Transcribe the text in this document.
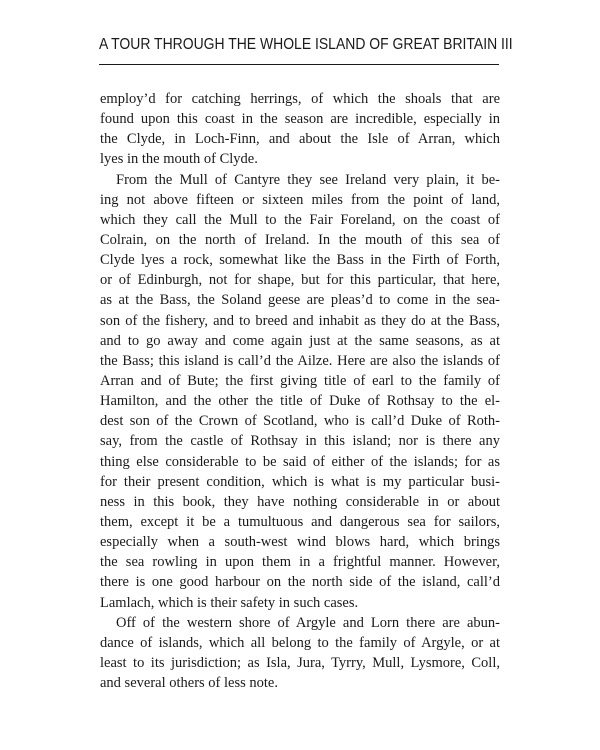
A TOUR THROUGH THE WHOLE ISLAND OF GREAT BRITAIN III
employ’d for catching herrings, of which the shoals that are
found upon this coast in the season are incredible, especially in
the Clyde, in Loch-Finn, and about the Isle of Arran, which
lyes in the mouth of Clyde.
From the Mull of Cantyre they see Ireland very plain, it be-
ing not above fifteen or sixteen miles from the point of land,
which they call the Mull to the Fair Foreland, on the coast of
Colrain, on the north of Ireland. In the mouth of this sea of
Clyde lyes a rock, somewhat like the Bass in the Firth of Forth,
or of Edinburgh, not for shape, but for this particular, that here,
as at the Bass, the Soland geese are pleas’d to come in the sea-
son of the fishery, and to breed and inhabit as they do at the Bass,
and to go away and come again just at the same seasons, as at
the Bass; this island is call’d the Ailze. Here are also the islands of
Arran and of Bute; the first giving title of earl to the family of
Hamilton, and the other the title of Duke of Rothsay to the el-
dest son of the Crown of Scotland, who is call’d Duke of Roth-
say, from the castle of Rothsay in this island; nor is there any
thing else considerable to be said of either of the islands; for as
for their present condition, which is what is my particular busi-
ness in this book, they have nothing considerable in or about
them, except it be a tumultuous and dangerous sea for sailors,
especially when a south-west wind blows hard, which brings
the sea rowling in upon them in a frightful manner. However,
there is one good harbour on the north side of the island, call’d
Lamlach, which is their safety in such cases.
Off of the western shore of Argyle and Lorn there are abun-
dance of islands, which all belong to the family of Argyle, or at
least to its jurisdiction; as Isla, Jura, Tyrry, Mull, Lysmore, Coll,
and several others of less note.
